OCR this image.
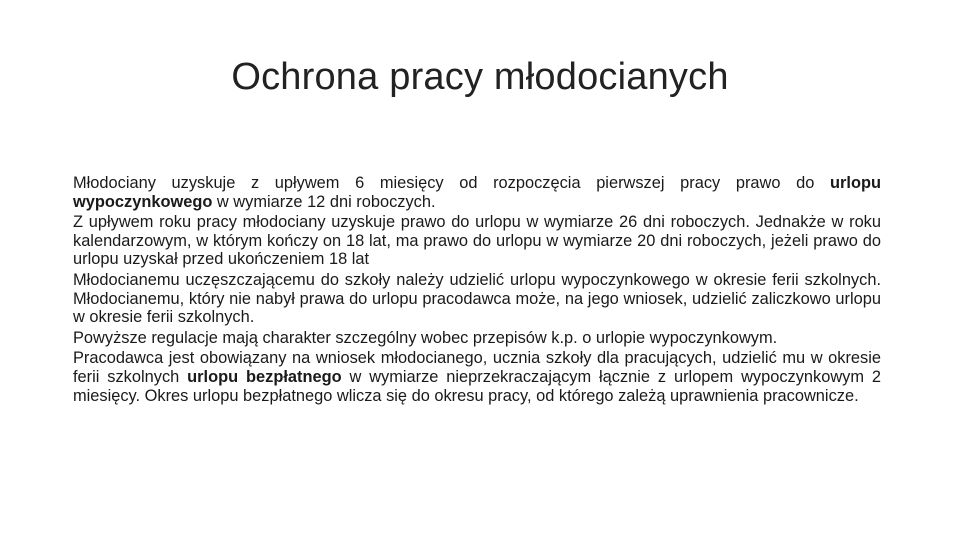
Ochrona pracy młodocianych

Młodociany uzyskuje z upływem 6 miesięcy od rozpoczęcia pierwszej pracy prawo do urlopu wypoczynkowego w wymiarze 12 dni roboczych.

Z upływem roku pracy młodociany uzyskuje prawo do urlopu w wymiarze 26 dni roboczych. Jednakże w roku kalendarzowym, w którym kończy on 18 lat, ma prawo do urlopu w wymiarze 20 dni roboczych, jeżeli prawo do urlopu uzyskał przed ukończeniem 18 lat

Młodocianemu uczęszczającemu do szkoły należy udzielić urlopu wypoczynkowego w okresie ferii szkolnych. Młodocianemu, który nie nabył prawa do urlopu pracodawca może, na jego wniosek, udzielić zaliczkowo urlopu w okresie ferii szkolnych.

Powyższe regulacje mają charakter szczególny wobec przepisów k.p. o urlopie wypoczynkowym.

Pracodawca jest obowiązany na wniosek młodocianego, ucznia szkoły dla pracujących, udzielić mu w okresie ferii szkolnych urlopu bezpłatnego w wymiarze nieprzekraczającym łącznie z urlopem wypoczynkowym 2 miesięcy. Okres urlopu bezpłatnego wlicza się do okresu pracy, od którego zależą uprawnienia pracownicze.
